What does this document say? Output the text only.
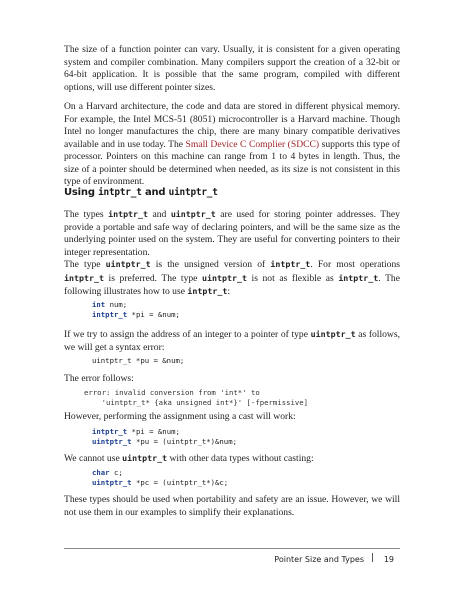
The size of a function pointer can vary. Usually, it is consistent for a given operating system and compiler combination. Many compilers support the creation of a 32-bit or 64-bit application. It is possible that the same program, compiled with different options, will use different pointer sizes.

On a Harvard architecture, the code and data are stored in different physical memory. For example, the Intel MCS-51 (8051) microcontroller is a Harvard machine. Though Intel no longer manufactures the chip, there are many binary compatible derivatives available and in use today. The Small Device C Complier (SDCC) supports this type of processor. Pointers on this machine can range from 1 to 4 bytes in length. Thus, the size of a pointer should be determined when needed, as its size is not consistent in this type of environment.

Using intptr_t and uintptr_t

The types intptr_t and uintptr_t are used for storing pointer addresses. They provide a portable and safe way of declaring pointers, and will be the same size as the underlying pointer used on the system. They are useful for converting pointers to their integer representation.

The type uintptr_t is the unsigned version of intptr_t. For most operations intptr_t is preferred. The type uintptr_t is not as flexible as intptr_t. The following illustrates how to use intptr_t:

int num;
intptr_t *pi = &num;

If we try to assign the address of an integer to a pointer of type uintptr_t as follows, we will get a syntax error:

uintptr_t *pu = &num;

The error follows:

error: invalid conversion from 'int*' to
'uintptr_t* {aka unsigned int*}' [-fpermissive]

However, performing the assignment using a cast will work:

intptr_t *pi = &num;
uintptr_t *pu = (uintptr_t*)&num;

We cannot use uintptr_t with other data types without casting:

char c;
uintptr_t *pc = (uintptr_t*)&c;

These types should be used when portability and safety are an issue. However, we will not use them in our examples to simplify their explanations.

Pointer Size and Types | 19
